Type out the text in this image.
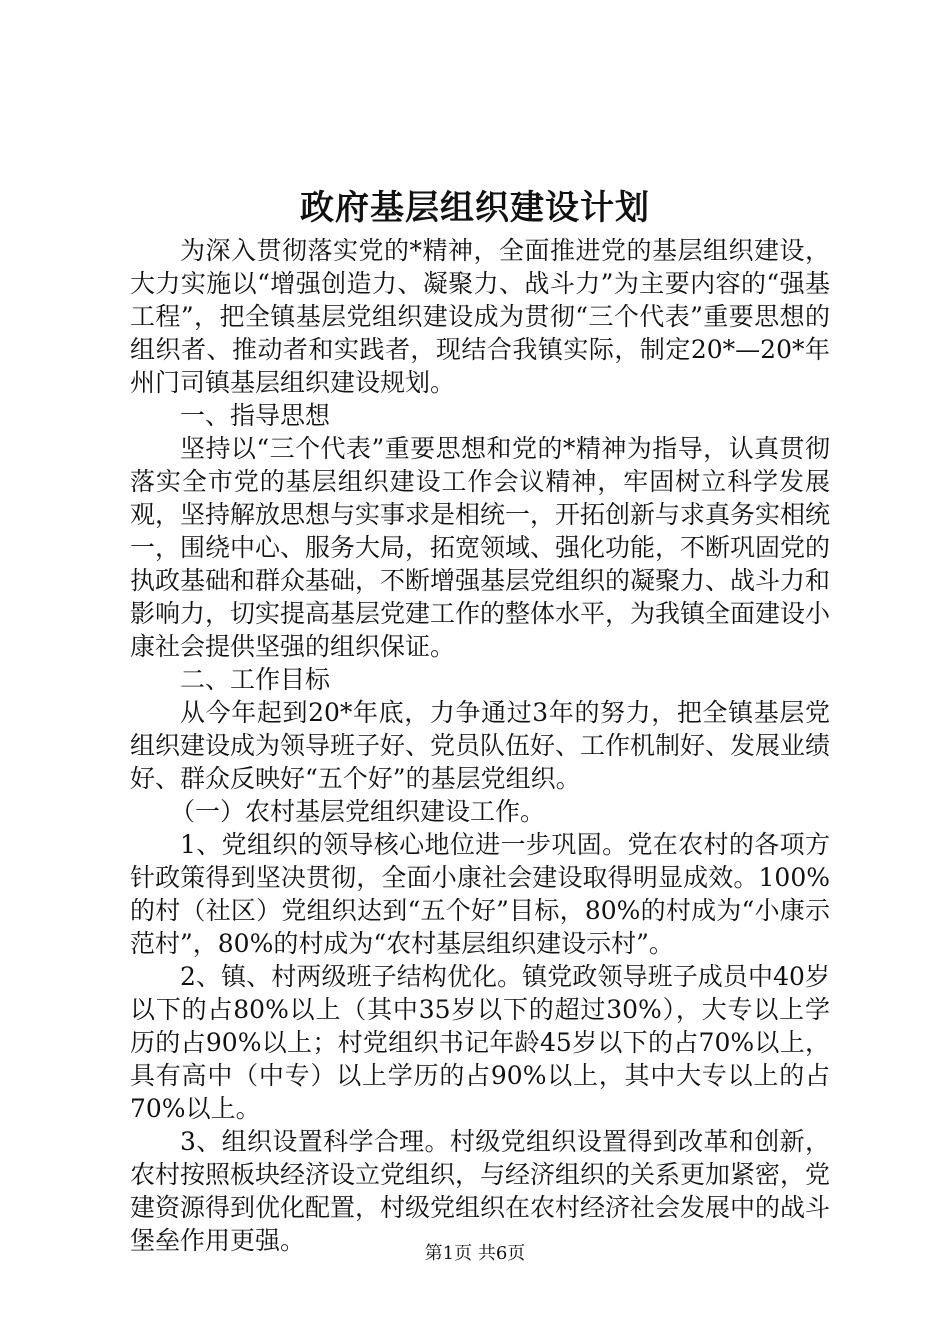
政府基层组织建设计划

为深入贯彻落实党的*精神，全面推进党的基层组织建设，大力实施以“增强创造力、凝聚力、战斗力”为主要内容的“强基工程”，把全镇基层党组织建设成为贯彻“三个代表”重要思想的组织者、推动者和实践者，现结合我镇实际，制定20*—20*年州门司镇基层组织建设规划。

一、指导思想

坚持以“三个代表”重要思想和党的*精神为指导，认真贯彻落实全市党的基层组织建设工作会议精神，牢固树立科学发展观，坚持解放思想与实事求是相统一，开拓创新与求真务实相统一，围绕中心、服务大局，拓宽领域、强化功能，不断巩固党的执政基础和群众基础，不断增强基层党组织的凝聚力、战斗力和影响力，切实提高基层党建工作的整体水平，为我镇全面建设小康社会提供坚强的组织保证。

二、工作目标

从今年起到20*年底，力争通过3年的努力，把全镇基层党组织建设成为领导班子好、党员队伍好、工作机制好、发展业绩好、群众反映好“五个好”的基层党组织。

（一）农村基层党组织建设工作。

1、党组织的领导核心地位进一步巩固。党在农村的各项方针政策得到坚决贯彻，全面小康社会建设取得明显成效。100%的村（社区）党组织达到“五个好”目标，80%的村成为“小康示范村”，80%的村成为“农村基层组织建设示村”。

2、镇、村两级班子结构优化。镇党政领导班子成员中40岁以下的占80%以上（其中35岁以下的超过30%），大专以上学历的占90%以上；村党组织书记年龄45岁以下的占70%以上，具有高中（中专）以上学历的占90%以上，其中大专以上的占70%以上。

3、组织设置科学合理。村级党组织设置得到改革和创新，农村按照板块经济设立党组织，与经济组织的关系更加紧密，党建资源得到优化配置，村级党组织在农村经济社会发展中的战斗堡垒作用更强。	第1页 共6页
